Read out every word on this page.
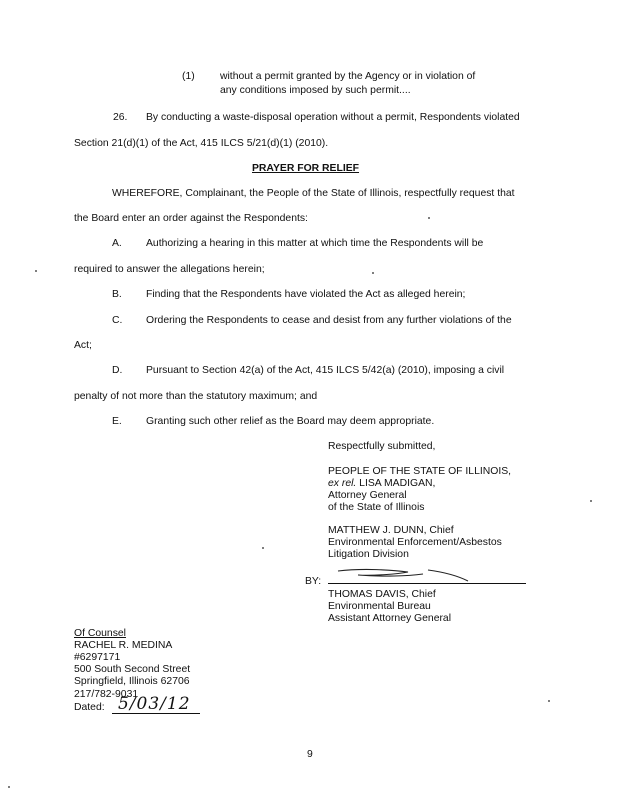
(1) without a permit granted by the Agency or in violation of
any conditions imposed by such permit....
26. By conducting a waste-disposal operation without a permit, Respondents violated
Section 21(d)(1) of the Act, 415 ILCS 5/21(d)(1) (2010).
PRAYER FOR RELIEF
WHEREFORE, Complainant, the People of the State of Illinois, respectfully request that
the Board enter an order against the Respondents:
A. Authorizing a hearing in this matter at which time the Respondents will be
required to answer the allegations herein;
B. Finding that the Respondents have violated the Act as alleged herein;
C. Ordering the Respondents to cease and desist from any further violations of the
Act;
D. Pursuant to Section 42(a) of the Act, 415 ILCS 5/42(a) (2010), imposing a civil
penalty of not more than the statutory maximum; and
E. Granting such other relief as the Board may deem appropriate.
Respectfully submitted,
PEOPLE OF THE STATE OF ILLINOIS,
ex rel. LISA MADIGAN,
Attorney General
of the State of Illinois
MATTHEW J. DUNN, Chief
Environmental Enforcement/Asbestos
Litigation Division
BY:
THOMAS DAVIS, Chief
Environmental Bureau
Assistant Attorney General
Of Counsel
RACHEL R. MEDINA
#6297171
500 South Second Street
Springfield, Illinois 62706
217/782-9031
Dated: 5/03/12
9
